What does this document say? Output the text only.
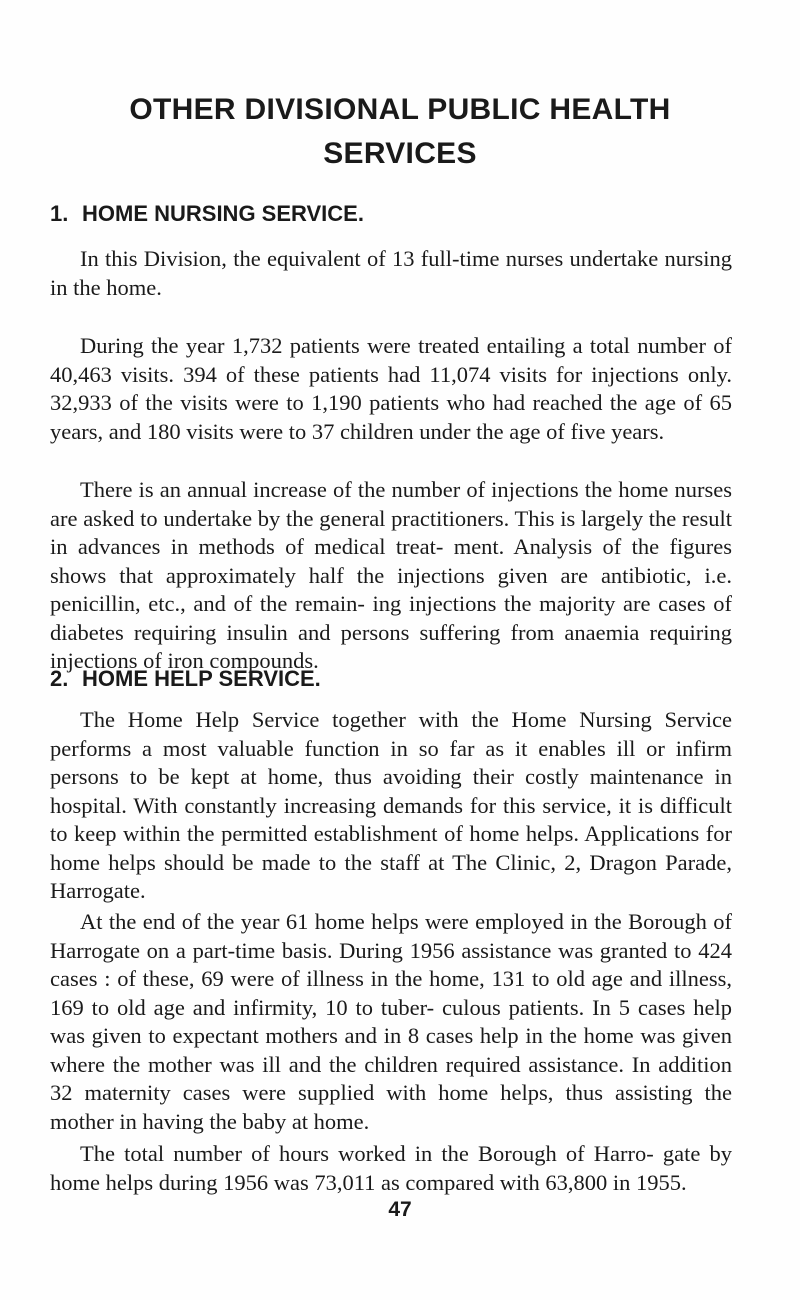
OTHER DIVISIONAL PUBLIC HEALTH
SERVICES
1. HOME NURSING SERVICE.

In this Division, the equivalent of 13 full-time nurses undertake nursing in the home.

During the year 1,732 patients were treated entailing a total number of 40,463 visits. 394 of these patients had 11,074 visits for injections only. 32,933 of the visits were to 1,190 patients who had reached the age of 65 years, and 180 visits were to 37 children under the age of five years.

There is an annual increase of the number of injections the home nurses are asked to undertake by the general practitioners. This is largely the result in advances in methods of medical treat- ment. Analysis of the figures shows that approximately half the injections given are antibiotic, i.e. penicillin, etc., and of the remain- ing injections the majority are cases of diabetes requiring insulin and persons suffering from anaemia requiring injections of iron compounds.

2. HOME HELP SERVICE.

The Home Help Service together with the Home Nursing Service performs a most valuable function in so far as it enables ill or infirm persons to be kept at home, thus avoiding their costly maintenance in hospital. With constantly increasing demands for this service, it is difficult to keep within the permitted establishment of home helps. Applications for home helps should be made to the staff at The Clinic, 2, Dragon Parade, Harrogate.

At the end of the year 61 home helps were employed in the Borough of Harrogate on a part-time basis. During 1956 assistance was granted to 424 cases : of these, 69 were of illness in the home, 131 to old age and illness, 169 to old age and infirmity, 10 to tuber- culous patients. In 5 cases help was given to expectant mothers and in 8 cases help in the home was given where the mother was ill and the children required assistance. In addition 32 maternity cases were supplied with home helps, thus assisting the mother in having the baby at home.

The total number of hours worked in the Borough of Harro- gate by home helps during 1956 was 73,011 as compared with 63,800 in 1955.

47
